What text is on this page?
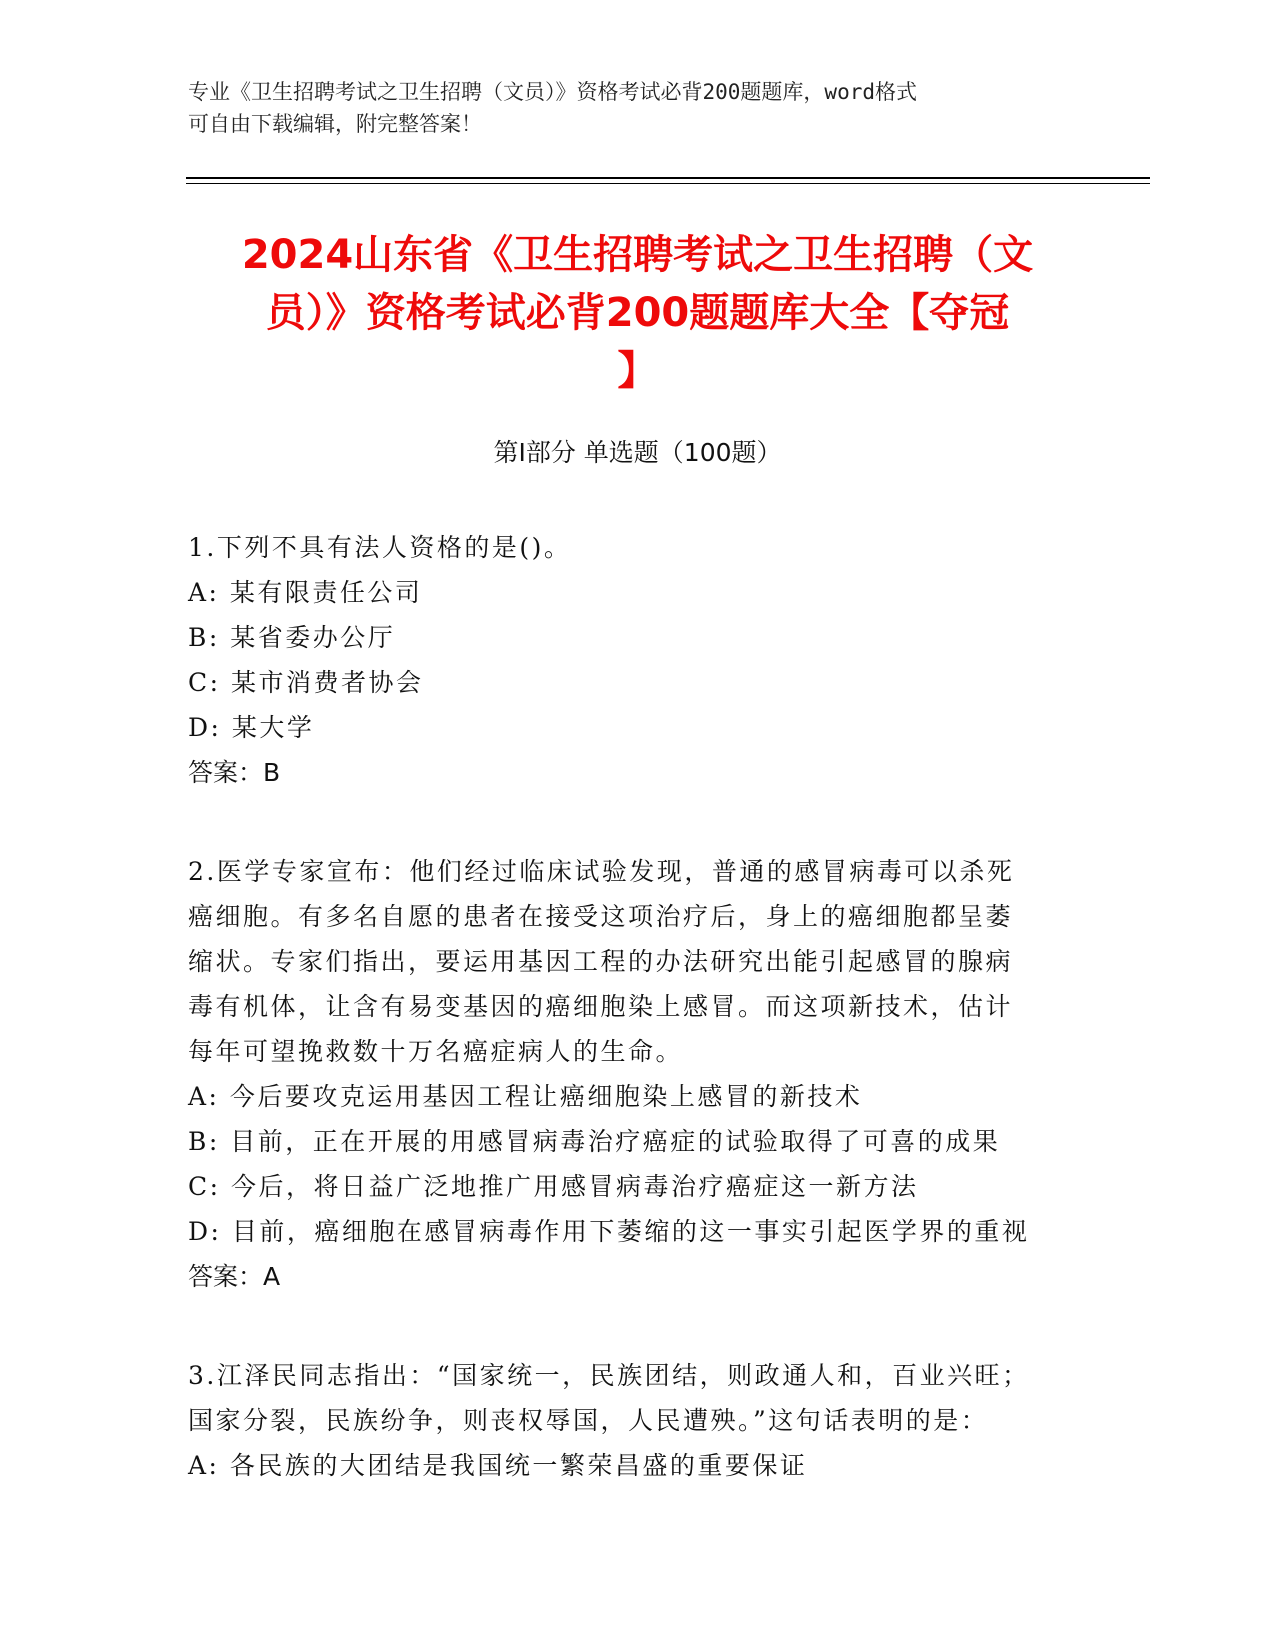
专业《卫生招聘考试之卫生招聘（文员）》资格考试必背200题题库，word格式
可自由下载编辑，附完整答案！
2024山东省《卫生招聘考试之卫生招聘（文
员）》资格考试必背200题题库大全【夺冠
】
第Ⅰ部分 单选题（100题）
1.下列不具有法人资格的是()。
A: 某有限责任公司
B: 某省委办公厅
C: 某市消费者协会
D: 某大学
答案：B
2.医学专家宣布：他们经过临床试验发现，普通的感冒病毒可以杀死
癌细胞。有多名自愿的患者在接受这项治疗后，身上的癌细胞都呈萎
缩状。专家们指出，要运用基因工程的办法研究出能引起感冒的腺病
毒有机体，让含有易变基因的癌细胞染上感冒。而这项新技术，估计
每年可望挽救数十万名癌症病人的生命。
A: 今后要攻克运用基因工程让癌细胞染上感冒的新技术
B: 目前，正在开展的用感冒病毒治疗癌症的试验取得了可喜的成果
C: 今后，将日益广泛地推广用感冒病毒治疗癌症这一新方法
D: 目前，癌细胞在感冒病毒作用下萎缩的这一事实引起医学界的重视
答案：A
3.江泽民同志指出：“国家统一，民族团结，则政通人和，百业兴旺；
国家分裂，民族纷争，则丧权辱国，人民遭殃。”这句话表明的是：
A: 各民族的大团结是我国统一繁荣昌盛的重要保证
